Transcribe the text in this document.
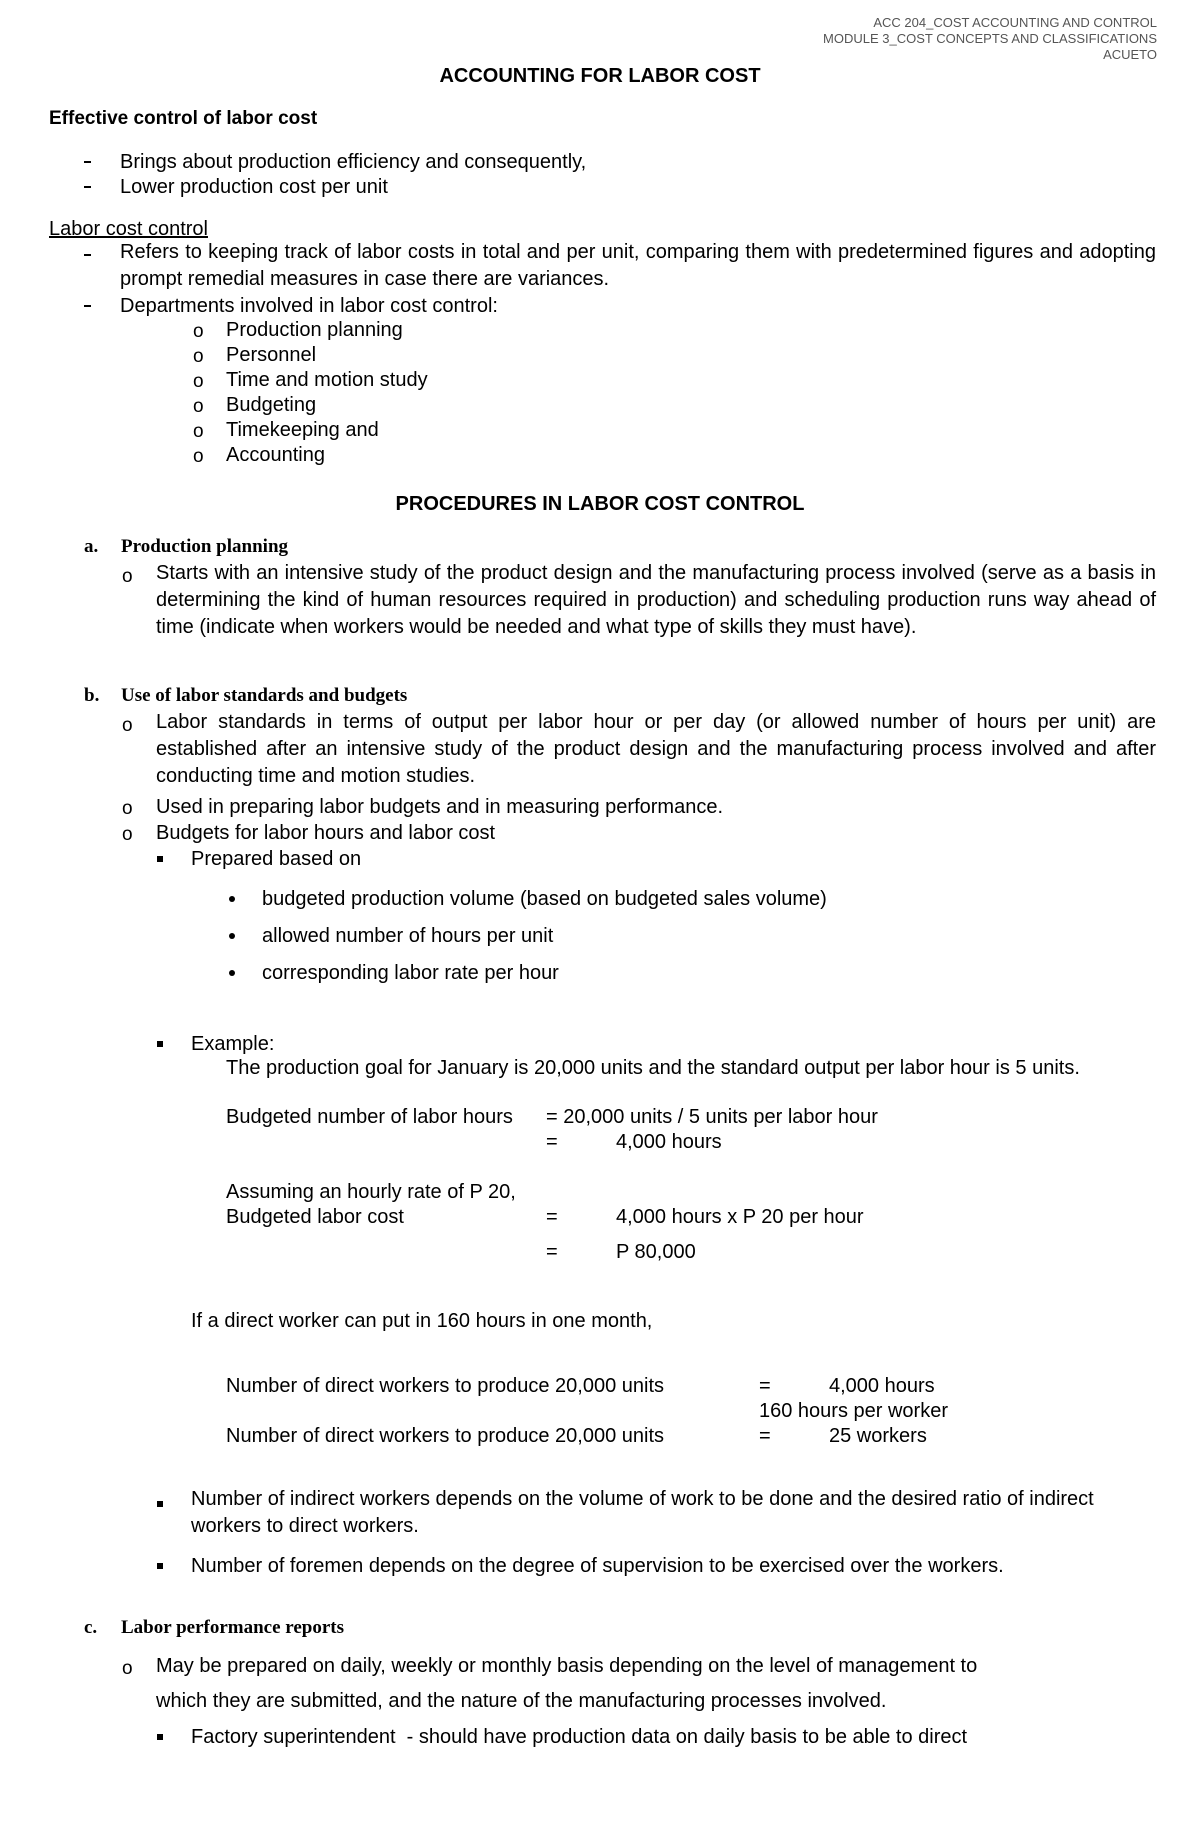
ACC 204_COST ACCOUNTING AND CONTROL
MODULE 3_COST CONCEPTS AND CLASSIFICATIONS
ACUETO
ACCOUNTING FOR LABOR COST
Effective control of labor cost
Brings about production efficiency and consequently,
Lower production cost per unit
Labor cost control
Refers to keeping track of labor costs in total and per unit, comparing them with predetermined figures and adopting prompt remedial measures in case there are variances.
Departments involved in labor cost control:
o Production planning
o Personnel
o Time and motion study
o Budgeting
o Timekeeping and
o Accounting
PROCEDURES IN LABOR COST CONTROL
a. Production planning
o Starts with an intensive study of the product design and the manufacturing process involved (serve as a basis in determining the kind of human resources required in production) and scheduling production runs way ahead of time (indicate when workers would be needed and what type of skills they must have).
b. Use of labor standards and budgets
o Labor standards in terms of output per labor hour or per day (or allowed number of hours per unit) are established after an intensive study of the product design and the manufacturing process involved and after conducting time and motion studies.
o Used in preparing labor budgets and in measuring performance.
o Budgets for labor hours and labor cost
Prepared based on
budgeted production volume (based on budgeted sales volume)
allowed number of hours per unit
corresponding labor rate per hour
Example:
The production goal for January is 20,000 units and the standard output per labor hour is 5 units.
Budgeted number of labor hours = 20,000 units / 5 units per labor hour
=	4,000 hours
Assuming an hourly rate of P 20,
Budgeted labor cost	=	4,000 hours x P 20 per hour
=	P 80,000
If a direct worker can put in 160 hours in one month,
Number of direct workers to produce 20,000 units	=	4,000 hours
160 hours per worker
Number of direct workers to produce 20,000 units	=	25 workers
Number of indirect workers depends on the volume of work to be done and the desired ratio of indirect workers to direct workers.
Number of foremen depends on the degree of supervision to be exercised over the workers.
c. Labor performance reports
o May be prepared on daily, weekly or monthly basis depending on the level of management to
which they are submitted, and the nature of the manufacturing processes involved.
Factory superintendent  - should have production data on daily basis to be able to direct
